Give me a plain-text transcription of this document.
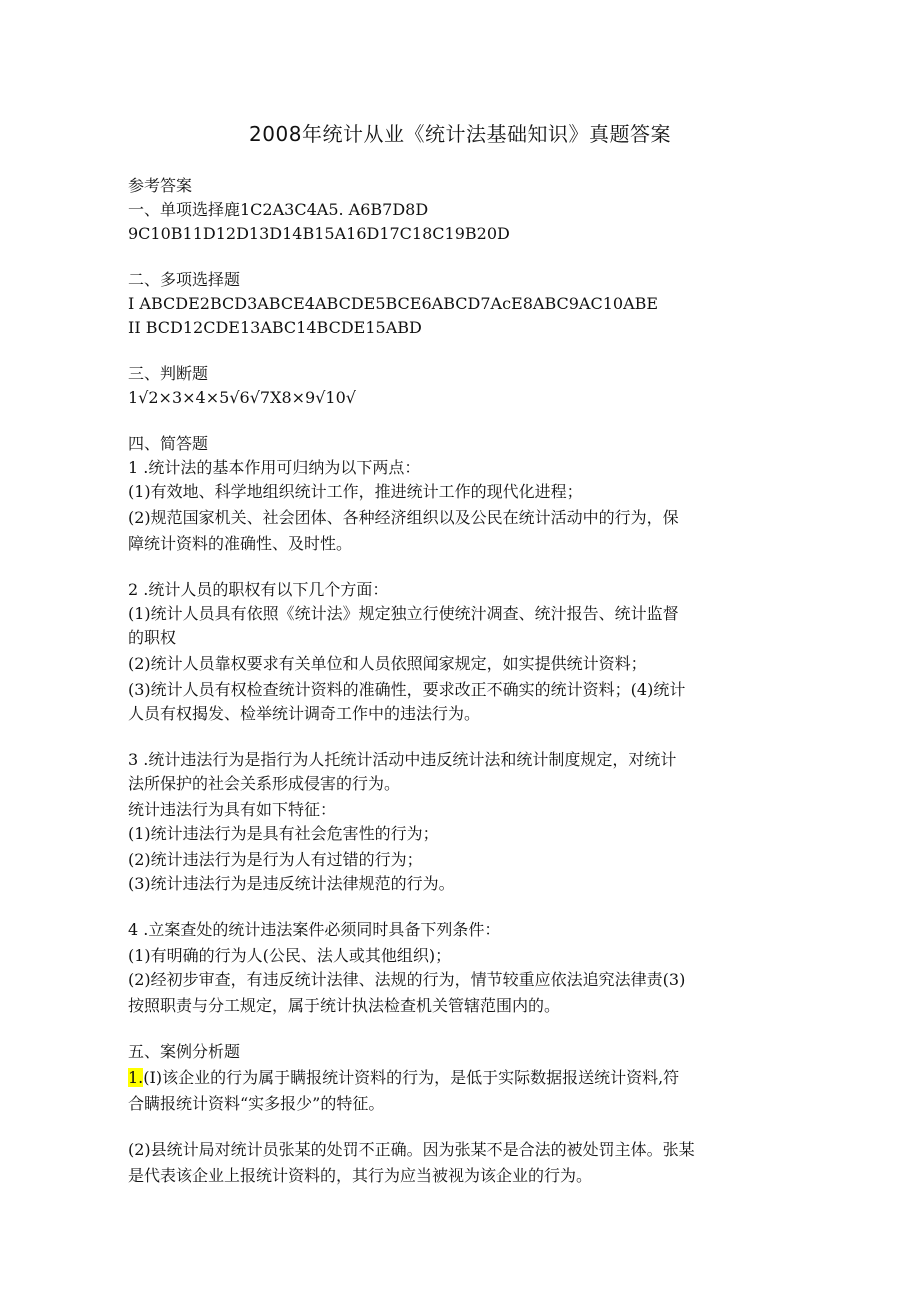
2008年统计从业《统计法基础知识》真题答案
参考答案
一、单项选择鹿1C2A3C4A5. A6B7D8D
9C10B11D12D13D14B15A16D17C18C19B20D
二、多项选择题
I ABCDE2BCD3ABCE4ABCDE5BCE6ABCD7AcE8ABC9AC10ABE
II BCD12CDE13ABC14BCDE15ABD
三、判断题
1√2×3×4×5√6√7X8×9√10√
四、简答题
1 .统计法的基本作用可归纳为以下两点：
(1)有效地、科学地组织统计工作，推进统计工作的现代化进程；
(2)规范国家机关、社会团体、各种经济组织以及公民在统计活动中的行为，保
障统计资料的准确性、及时性。
2 .统计人员的职权有以下几个方面：
(1)统计人员具有依照《统计法》规定独立行使统汁凋查、统汁报告、统计监督
的职权
(2)统计人员靠权要求有关单位和人员依照闻家规定，如实提供统计资料；
(3)统计人员有权检查统计资料的准确性，要求改正不确实的统计资料；(4)统计
人员有权揭发、检举统计调奇工作中的违法行为。
3 .统计违法行为是指行为人托统计活动中违反统计法和统计制度规定，对统计
法所保护的社会关系形成侵害的行为。
统计违法行为具有如下特征：
(1)统计违法行为是具有社会危害性的行为；
(2)统计违法行为是行为人有过错的行为；
(3)统计违法行为是违反统计法律规范的行为。
4 .立案查处的统计违法案件必须同时具备下列条件：
(1)有明确的行为人(公民、法人或其他组织)；
(2)经初步审查，有违反统计法律、法规的行为，情节较重应依法追究法律责(3)
按照职责与分工规定，属于统计执法检查机关管辖范围内的。
五、案例分析题
1.(I)该企业的行为属于瞒报统计资料的行为，是低于实际数据报送统计资料,符
合瞒报统计资料“实多报少”的特征。
(2)县统计局对统计员张某的处罚不正确。因为张某不是合法的被处罚主体。张某
是代表该企业上报统计资料的，其行为应当被视为该企业的行为。
